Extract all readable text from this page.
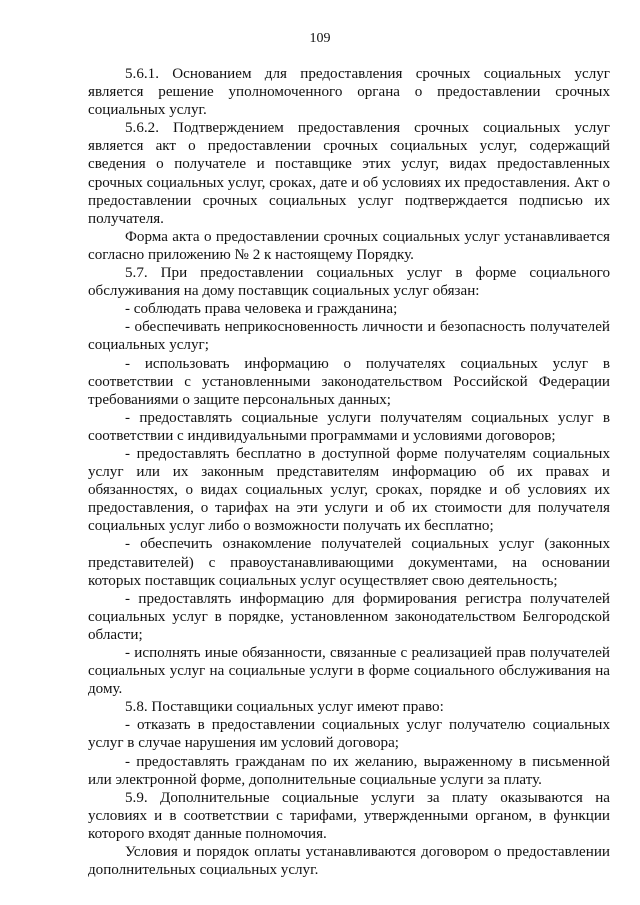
109

5.6.1. Основанием для предоставления срочных социальных услуг является решение уполномоченного органа о предоставлении срочных социальных услуг.

5.6.2. Подтверждением предоставления срочных социальных услуг является акт о предоставлении срочных социальных услуг, содержащий сведения о получателе и поставщике этих услуг, видах предоставленных срочных социальных услуг, сроках, дате и об условиях их предоставления. Акт о предоставлении срочных социальных услуг подтверждается подписью их получателя.

Форма акта о предоставлении срочных социальных услуг устанавливается согласно приложению № 2 к настоящему Порядку.

5.7. При предоставлении социальных услуг в форме социального обслуживания на дому поставщик социальных услуг обязан:

- соблюдать права человека и гражданина;

- обеспечивать неприкосновенность личности и безопасность получателей социальных услуг;

- использовать информацию о получателях социальных услуг в соответствии с установленными законодательством Российской Федерации требованиями о защите персональных данных;

- предоставлять социальные услуги получателям социальных услуг в соответствии с индивидуальными программами и условиями договоров;

- предоставлять бесплатно в доступной форме получателям социальных услуг или их законным представителям информацию об их правах и обязанностях, о видах социальных услуг, сроках, порядке и об условиях их предоставления, о тарифах на эти услуги и об их стоимости для получателя социальных услуг либо о возможности получать их бесплатно;

- обеспечить ознакомление получателей социальных услуг (законных представителей) с правоустанавливающими документами, на основании которых поставщик социальных услуг осуществляет свою деятельность;

- предоставлять информацию для формирования регистра получателей социальных услуг в порядке, установленном законодательством Белгородской области;

- исполнять иные обязанности, связанные с реализацией прав получателей социальных услуг на социальные услуги в форме социального обслуживания на дому.

5.8. Поставщики социальных услуг имеют право:

- отказать в предоставлении социальных услуг получателю социальных услуг в случае нарушения им условий договора;

- предоставлять гражданам по их желанию, выраженному в письменной или электронной форме, дополнительные социальные услуги за плату.

5.9. Дополнительные социальные услуги за плату оказываются на условиях и в соответствии с тарифами, утвержденными органом, в функции которого входят данные полномочия.

Условия и порядок оплаты устанавливаются договором о предоставлении дополнительных социальных услуг.
